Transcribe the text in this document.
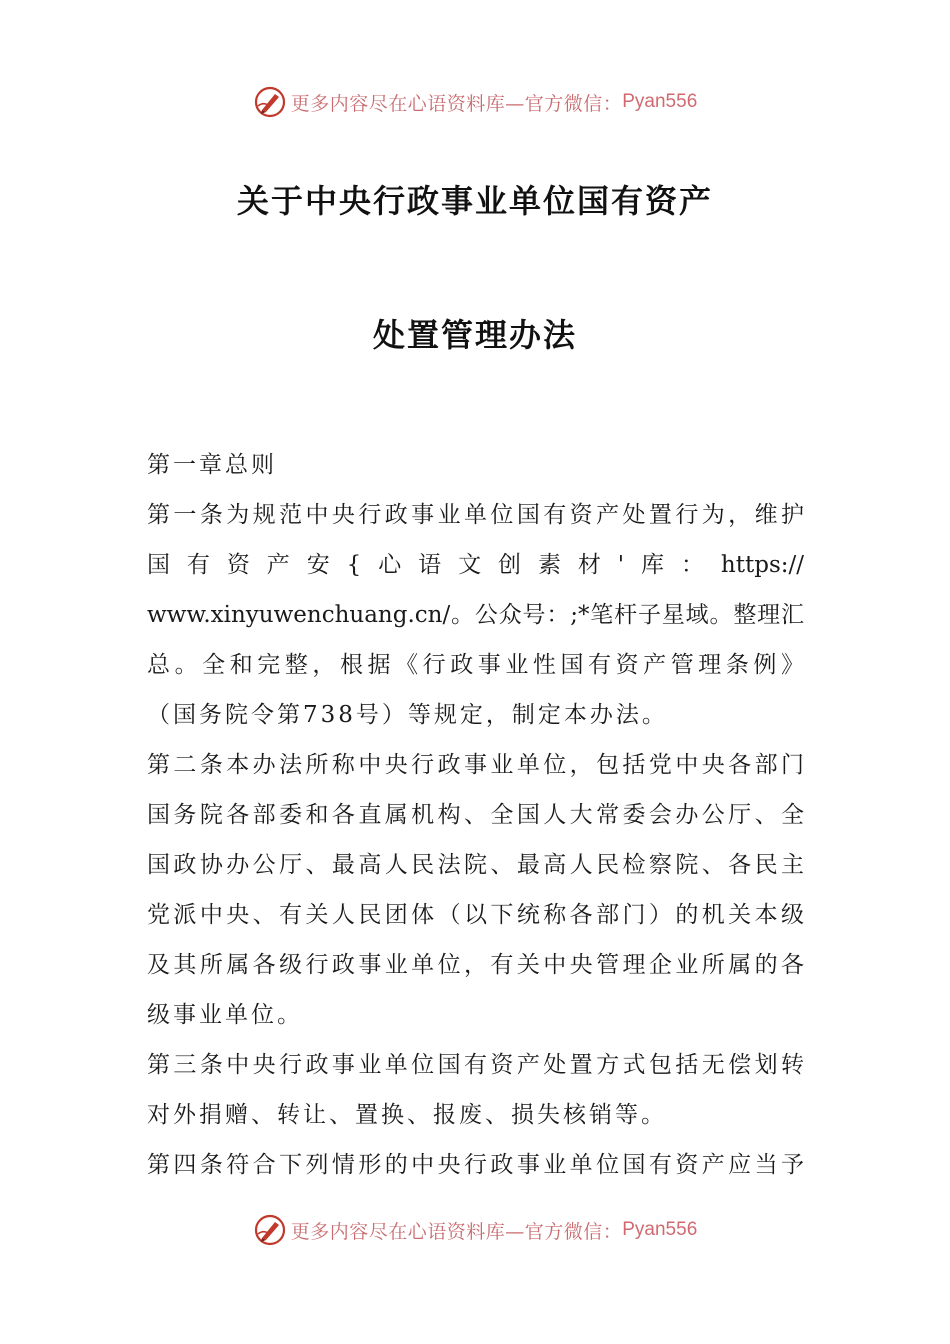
更多内容尽在心语资料库—官方微信： Pyan556
关于中央行政事业单位国有资产
处置管理办法
第一章总则
第一条为规范中央行政事业单位国有资产处置行为，维护
国有资产安{心语文创素材'库：https://
www.xinyuwenchuang.cn/。公众号：;*笔杆子星域。整理汇
总。全和完整，根据《行政事业性国有资产管理条例》
（国务院令第738号）等规定，制定本办法。
第二条本办法所称中央行政事业单位，包括党中央各部门
国务院各部委和各直属机构、全国人大常委会办公厅、全
国政协办公厅、最高人民法院、最高人民检察院、各民主
党派中央、有关人民团体（以下统称各部门）的机关本级
及其所属各级行政事业单位，有关中央管理企业所属的各
级事业单位。
第三条中央行政事业单位国有资产处置方式包括无偿划转
对外捐赠、转让、置换、报废、损失核销等。
第四条符合下列情形的中央行政事业单位国有资产应当予
更多内容尽在心语资料库—官方微信： Pyan556
